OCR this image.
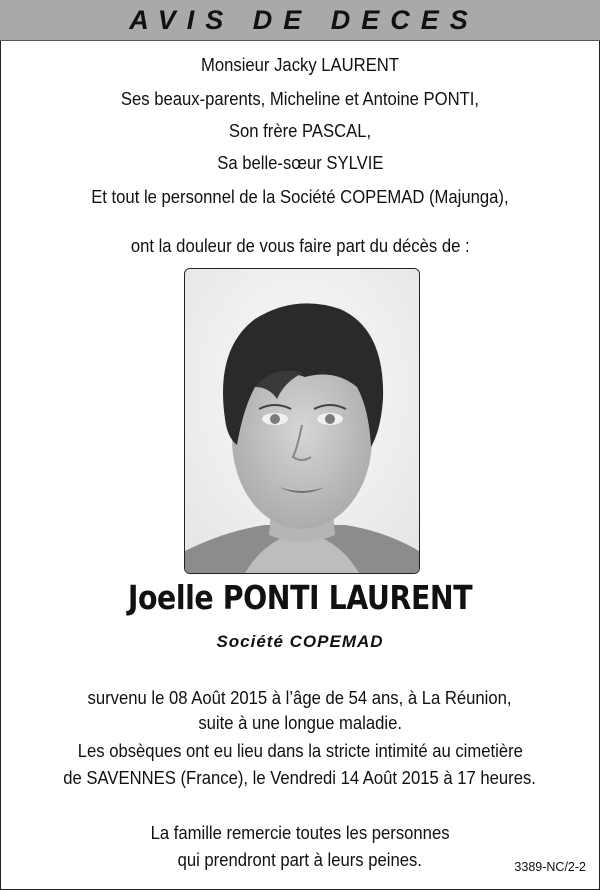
AVIS DE DECES
Monsieur Jacky LAURENT
Ses beaux-parents, Micheline et Antoine PONTI,
Son frère PASCAL,
Sa belle-sœur SYLVIE
Et tout le personnel de la Société COPEMAD (Majunga),
ont la douleur de vous faire part du décès de :
Joelle PONTI LAURENT
Société COPEMAD
survenu le 08 Août 2015 à l’âge de 54 ans, à La Réunion,
suite à une longue maladie.
Les obsèques ont eu lieu dans la stricte intimité au cimetière
de SAVENNES (France), le Vendredi 14 Août 2015 à 17 heures.
La famille remercie toutes les personnes
qui prendront part à leurs peines.	3389-NC/2-2
